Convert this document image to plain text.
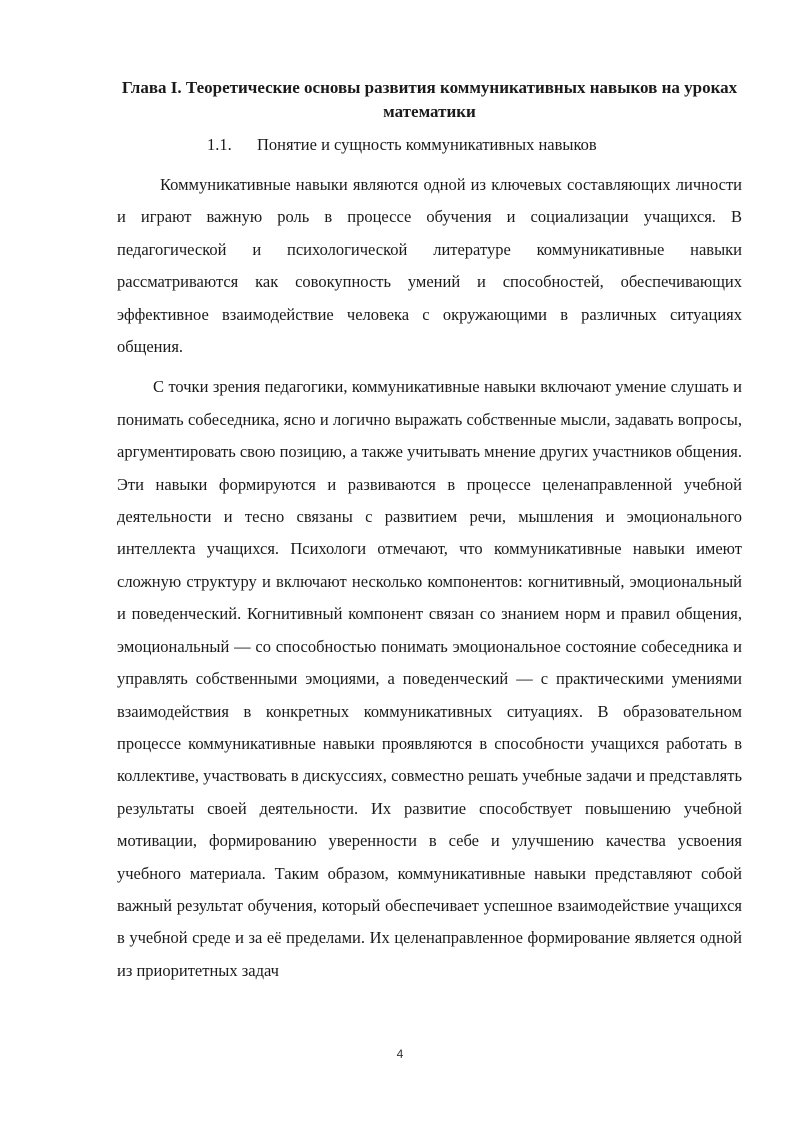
Глава I. Теоретические основы развития коммуникативных навыков на уроках математики
1.1. Понятие и сущность коммуникативных навыков

Коммуникативные навыки являются одной из ключевых составляющих личности и играют важную роль в процессе обучения и социализации учащихся. В педагогической и психологической литературе коммуникативные навыки рассматриваются как совокупность умений и способностей, обеспечивающих эффективное взаимодействие человека с окружающими в различных ситуациях общения.

С точки зрения педагогики, коммуникативные навыки включают умение слушать и понимать собеседника, ясно и логично выражать собственные мысли, задавать вопросы, аргументировать свою позицию, а также учитывать мнение других участников общения. Эти навыки формируются и развиваются в процессе целенаправленной учебной деятельности и тесно связаны с развитием речи, мышления и эмоционального интеллекта учащихся. Психологи отмечают, что коммуникативные навыки имеют сложную структуру и включают несколько компонентов: когнитивный, эмоциональный и поведенческий. Когнитивный компонент связан со знанием норм и правил общения, эмоциональный — со способностью понимать эмоциональное состояние собеседника и управлять собственными эмоциями, а поведенческий — с практическими умениями взаимодействия в конкретных коммуникативных ситуациях. В образовательном процессе коммуникативные навыки проявляются в способности учащихся работать в коллективе, участвовать в дискуссиях, совместно решать учебные задачи и представлять результаты своей деятельности. Их развитие способствует повышению учебной мотивации, формированию уверенности в себе и улучшению качества усвоения учебного материала. Таким образом, коммуникативные навыки представляют собой важный результат обучения, который обеспечивает успешное взаимодействие учащихся в учебной среде и за её пределами. Их целенаправленное формирование является одной из приоритетных задач

4
